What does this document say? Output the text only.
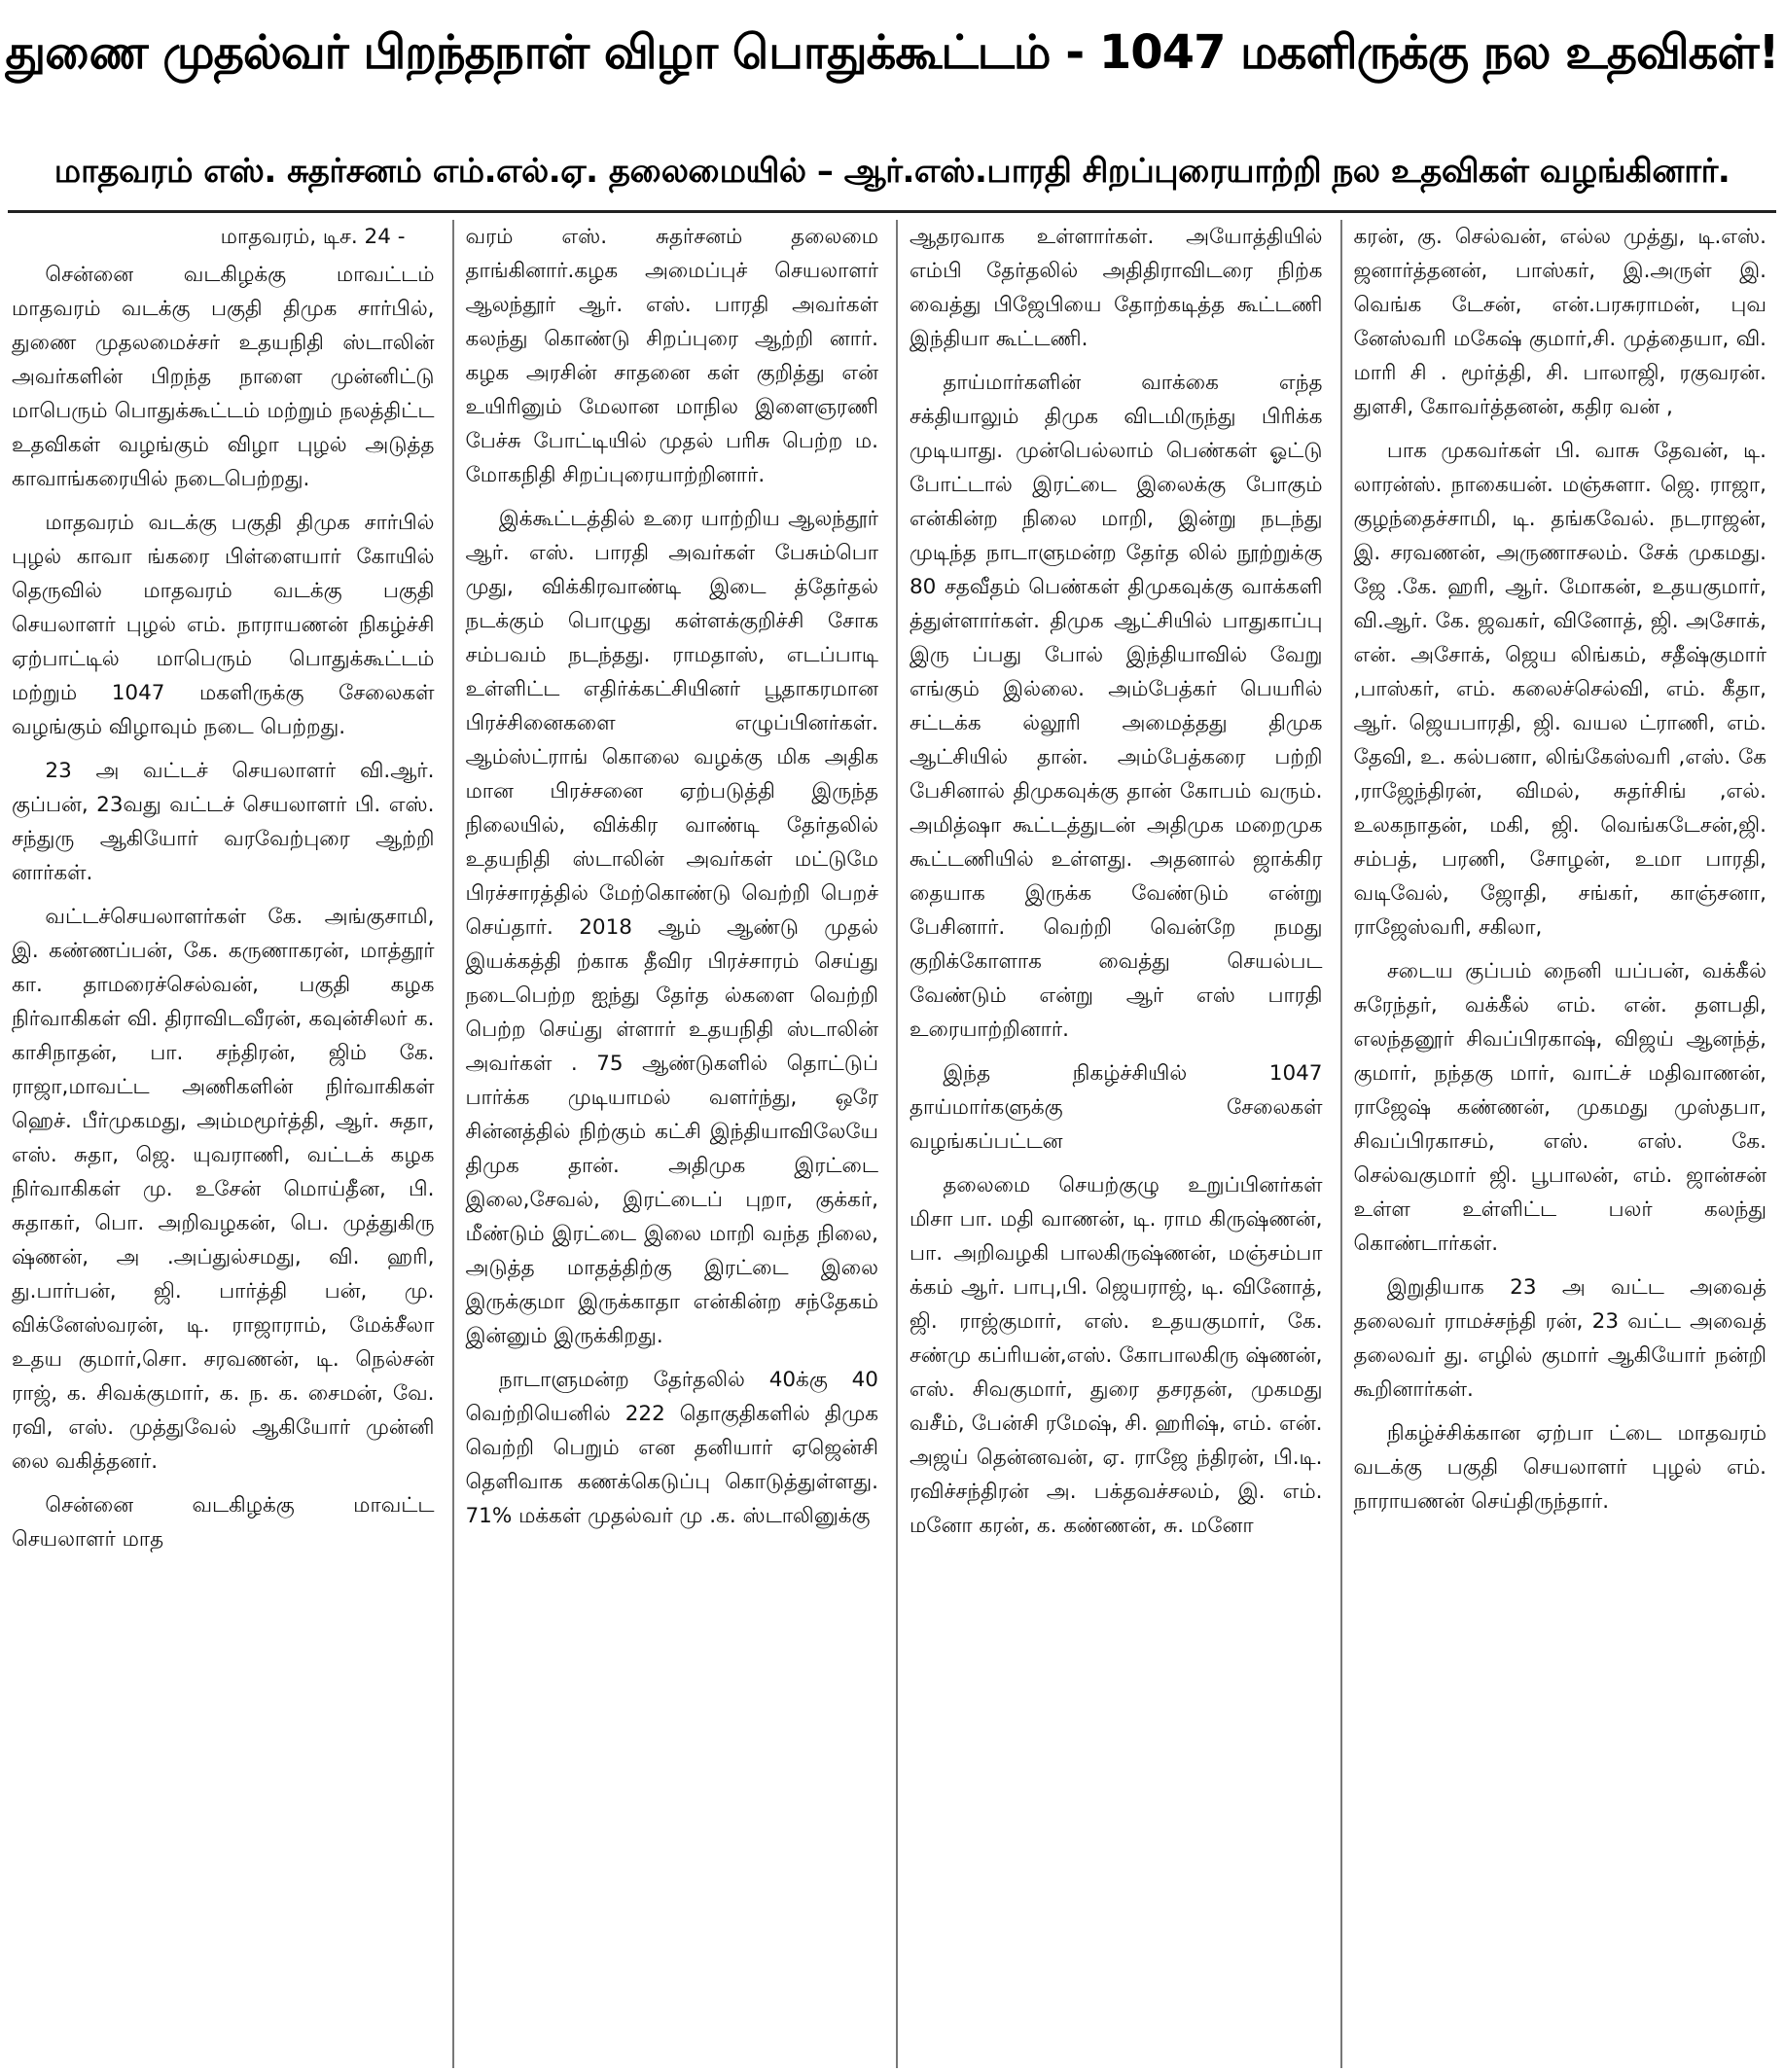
துணை முதல்வர் பிறந்தநாள் விழா பொதுக்கூட்டம் - 1047 மகளிருக்கு நல உதவிகள்!
மாதவரம் எஸ். சுதர்சனம் எம்.எல்.ஏ. தலைமையில் – ஆர்.எஸ்.பாரதி சிறப்புரையாற்றி நல உதவிகள் வழங்கினார்.

மாதவரம், டிச. 24 -

சென்னை வடகிழக்கு மாவட்டம் மாதவரம் வடக்கு பகுதி திமுக சார்பில், துணை முதலமைச்சர் உதயநிதி ஸ்டாலின் அவர்களின் பிறந்த நாளை முன்னிட்டு மாபெரும் பொதுக்கூட்டம் மற்றும் நலத்திட்ட உதவிகள் வழங்கும் விழா புழல் அடுத்த காவாங்கரையில் நடைபெற்றது.

மாதவரம் வடக்கு பகுதி திமுக சார்பில் புழல் காவா ங்கரை பிள்ளையார் கோயில் தெருவில் மாதவரம் வடக்கு பகுதி செயலாளர் புழல் எம். நாராயணன் நிகழ்ச்சி ஏற்பாட்டில் மாபெரும் பொதுக்கூட்டம் மற்றும் 1047 மகளிருக்கு சேலைகள் வழங்கும் விழாவும் நடை பெற்றது.

23 அ வட்டச் செயலாளர் வி.ஆர். குப்பன், 23வது வட்டச் செயலாளர் பி. எஸ். சந்துரு ஆகியோர் வரவேற்புரை ஆற்றி னார்கள்.

வட்டச்செயலாளர்கள் கே. அங்குசாமி, இ. கண்ணப்பன், கே. கருணாகரன், மாத்தூர் கா. தாமரைச்செல்வன், பகுதி கழக நிர்வாகிகள் வி. திராவிடவீரன், கவுன்சிலர் க. காசிநாதன், பா. சந்திரன், ஜிம் கே. ராஜா,மாவட்ட அணிகளின் நிர்வாகிகள் ஹெச். பீர்முகமது, அம்மமூர்த்தி, ஆர். சுதா, எஸ். சுதா, ஜெ. யுவராணி, வட்டக் கழக நிர்வாகிகள் மு. உசேன் மொய்தீன, பி. சுதாகர், பொ. அறிவழகன், பெ. முத்துகிரு ஷ்ணன், அ .அப்துல்சமது, வி. ஹரி, து.பார்பன், ஜி. பார்த்தி பன், மு. விக்னேஸ்வரன், டி. ராஜாராம், மேக்சீலா உதய குமார்,சொ. சரவணன், டி. நெல்சன் ராஜ், க. சிவக்குமார், க. ந. க. சைமன், வே. ரவி, எஸ். முத்துவேல் ஆகியோர் முன்னி லை வகித்தனர்.

சென்னை வடகிழக்கு மாவட்ட செயலாளர் மாத

வரம் எஸ். சுதர்சனம் தலைமை தாங்கினார்.கழக அமைப்புச் செயலாளர் ஆலந்தூர் ஆர். எஸ். பாரதி அவர்கள் கலந்து கொண்டு சிறப்புரை ஆற்றி னார். கழக அரசின் சாதனை கள் குறித்து என் உயிரினும் மேலான மாநில இளைஞரணி பேச்சு போட்டியில் முதல் பரிசு பெற்ற ம. மோகநிதி சிறப்புரையாற்றினார்.

இக்கூட்டத்தில் உரை யாற்றிய ஆலந்தூர் ஆர். எஸ். பாரதி அவர்கள் பேசும்பொ முது, விக்கிரவாண்டி இடை த்தேர்தல் நடக்கும் பொழுது கள்ளக்குறிச்சி சோக சம்பவம் நடந்தது. ராமதாஸ், எடப்பாடி உள்ளிட்ட எதிர்க்கட்சியினர் பூதாகரமான பிரச்சினைகளை எழுப்பினர்கள். ஆம்ஸ்ட்ராங் கொலை வழக்கு மிக அதிக மான பிரச்சனை ஏற்படுத்தி இருந்த நிலையில், விக்கிர வாண்டி தேர்தலில் உதயநிதி ஸ்டாலின் அவர்கள் மட்டுமே பிரச்சாரத்தில் மேற்கொண்டு வெற்றி பெறச் செய்தார். 2018 ஆம் ஆண்டு முதல் இயக்கத்தி ற்காக தீவிர பிரச்சாரம் செய்து நடைபெற்ற ஐந்து தேர்த ல்களை வெற்றி பெற்ற செய்து ள்ளார் உதயநிதி ஸ்டாலின் அவர்கள் . 75 ஆண்டுகளில் தொட்டுப் பார்க்க முடியாமல் வளர்ந்து, ஒரே சின்னத்தில் நிற்கும் கட்சி இந்தியாவிலேயே திமுக தான். அதிமுக இரட்டை இலை,சேவல், இரட்டைப் புறா, குக்கர், மீண்டும் இரட்டை இலை மாறி வந்த நிலை, அடுத்த மாதத்திற்கு இரட்டை இலை இருக்குமா இருக்காதா என்கின்ற சந்தேகம் இன்னும் இருக்கிறது.

நாடாளுமன்ற தேர்தலில் 40க்கு 40 வெற்றியெனில் 222 தொகுதிகளில் திமுக வெற்றி பெறும் என தனியார் ஏஜென்சி தெளிவாக கணக்கெடுப்பு கொடுத்துள்ளது. 71% மக்கள் முதல்வர் மு .க. ஸ்டாலினுக்கு

ஆதரவாக உள்ளார்கள். அயோத்தியில் எம்பி தேர்தலில் அதிதிராவிடரை நிற்க வைத்து பிஜேபியை தோற்கடித்த கூட்டணி இந்தியா கூட்டணி.

தாய்மார்களின் வாக்கை எந்த சக்தியாலும் திமுக விடமிருந்து பிரிக்க முடியாது. முன்பெல்லாம் பெண்கள் ஓட்டு போட்டால் இரட்டை இலைக்கு போகும் என்கின்ற நிலை மாறி, இன்று நடந்து முடிந்த நாடாளுமன்ற தேர்த லில் நூற்றுக்கு 80 சதவீதம் பெண்கள் திமுகவுக்கு வாக்களி த்துள்ளார்கள். திமுக ஆட்சியில் பாதுகாப்பு இரு ப்பது போல் இந்தியாவில் வேறு எங்கும் இல்லை. அம்பேத்கர் பெயரில் சட்டக்க ல்லூரி அமைத்தது திமுக ஆட்சியில் தான். அம்பேத்கரை பற்றி பேசினால் திமுகவுக்கு தான் கோபம் வரும். அமித்ஷா கூட்டத்துடன் அதிமுக மறைமுக கூட்டணியில் உள்ளது. அதனால் ஜாக்கிர தையாக இருக்க வேண்டும் என்று பேசினார். வெற்றி வென்றே நமது குறிக்கோளாக வைத்து செயல்பட வேண்டும் என்று ஆர் எஸ் பாரதி உரையாற்றினார்.

இந்த நிகழ்ச்சியில் 1047 தாய்மார்களுக்கு சேலைகள் வழங்கப்பட்டன

தலைமை செயற்குழு உறுப்பினர்கள் மிசா பா. மதி வாணன், டி. ராம கிருஷ்ணன், பா. அறிவழகி பாலகிருஷ்ணன், மஞ்சம்பா க்கம் ஆர். பாபு,பி. ஜெயராஜ், டி. வினோத், ஜி. ராஜ்குமார், எஸ். உதயகுமார், கே. சண்மு கப்ரியன்,எஸ். கோபாலகிரு ஷ்ணன், எஸ். சிவகுமார், துரை தசரதன், முகமது வசீம், பேன்சி ரமேஷ், சி. ஹரிஷ், எம். என். அஜய் தென்னவன், ஏ. ராஜே ந்திரன், பி.டி. ரவிச்சந்திரன் அ. பக்தவச்சலம், இ. எம். மனோ கரன், க. கண்ணன், சு. மனோ

கரன், கு. செல்வன், எல்ல முத்து, டி.எஸ். ஜனார்த்தனன், பாஸ்கர், இ.அருள் இ. வெங்க டேசன், என்.பரசுராமன், புவ னேஸ்வரி மகேஷ் குமார்,சி. முத்தையா, வி. மாரி சி . மூர்த்தி, சி. பாலாஜி, ரகுவரன். துளசி, கோவர்த்தனன், கதிர வன் ,

பாக முகவர்கள் பி. வாசு தேவன், டி. லாரன்ஸ். நாகையன். மஞ்சுளா. ஜெ. ராஜா, குழந்தைச்சாமி, டி. தங்கவேல். நடராஜன், இ. சரவணன், அருணாசலம். சேக் முகமது. ஜே .கே. ஹரி, ஆர். மோகன், உதயகுமார், வி.ஆர். கே. ஜவகர், வினோத், ஜி. அசோக், என். அசோக், ஜெய லிங்கம், சதீஷ்குமார் ,பாஸ்கர், எம். கலைச்செல்வி, எம். கீதா, ஆர். ஜெயபாரதி, ஜி. வயல ட்ராணி, எம். தேவி, உ. கல்பனா, லிங்கேஸ்வரி ,எஸ். கே ,ராஜேந்திரன், விமல், சுதர்சிங் ,எல். உலகநாதன், மகி, ஜி. வெங்கடேசன்,ஜி. சம்பத், பரணி, சோழன், உமா பாரதி, வடிவேல், ஜோதி, சங்கர், காஞ்சனா, ராஜேஸ்வரி, சகிலா,

சடைய குப்பம் நைனி யப்பன், வக்கீல் சுரேந்தர், வக்கீல் எம். என். தளபதி, எலந்தனூர் சிவப்பிரகாஷ், விஜய் ஆனந்த், குமார், நந்தகு மார், வாட்ச் மதிவாணன், ராஜேஷ் கண்ணன், முகமது முஸ்தபா, சிவப்பிரகாசம், எஸ். எஸ். கே. செல்வகுமார் ஜி. பூபாலன், எம். ஜான்சன் உள்ள உள்ளிட்ட பலர் கலந்து கொண்டார்கள்.

இறுதியாக 23 அ வட்ட அவைத் தலைவர் ராமச்சந்தி ரன், 23 வட்ட அவைத் தலைவர் து. எழில் குமார் ஆகியோர் நன்றி கூறினார்கள்.

நிகழ்ச்சிக்கான ஏற்பா ட்டை மாதவரம் வடக்கு பகுதி செயலாளர் புழல் எம். நாராயணன் செய்திருந்தார்.
